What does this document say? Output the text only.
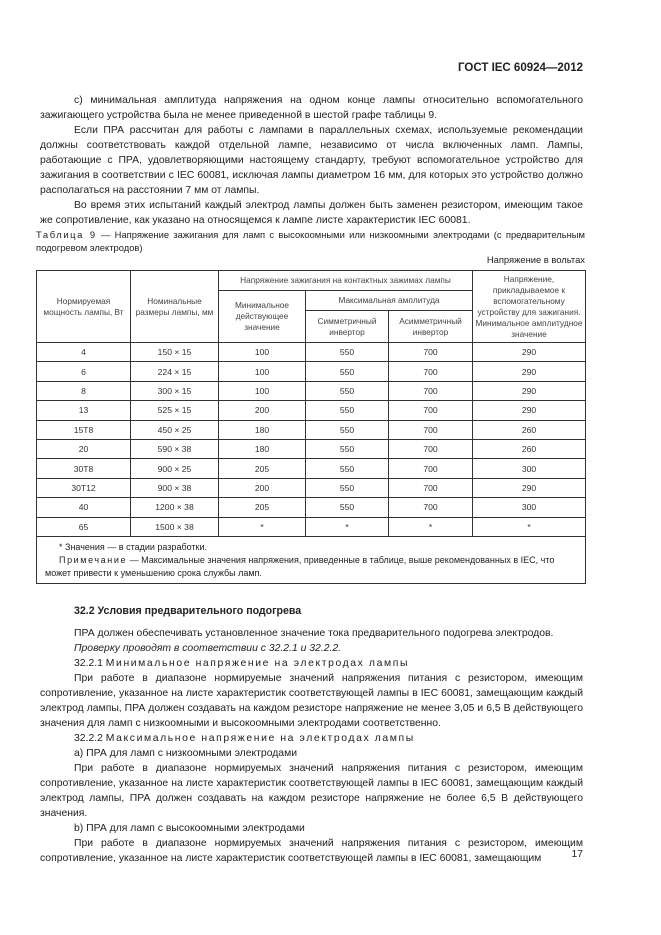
ГОСТ IEC 60924—2012

c) минимальная амплитуда напряжения на одном конце лампы относительно вспомогательного зажигающего устройства была не менее приведенной в шестой графе таблицы 9.

Если ПРА рассчитан для работы с лампами в параллельных схемах, используемые рекомендации должны соответствовать каждой отдельной лампе, независимо от числа включенных ламп. Лампы, работающие с ПРА, удовлетворяющими настоящему стандарту, требуют вспомогательное устройство для зажигания в соответствии с IEC 60081, исключая лампы диаметром 16 мм, для которых это устройство должно располагаться на расстоянии 7 мм от лампы.

Во время этих испытаний каждый электрод лампы должен быть заменен резистором, имеющим такое же сопротивление, как указано на относящемся к лампе листе характеристик IEC 60081.

Таблица 9 — Напряжение зажигания для ламп с высокоомными или низкоомными электродами (с предварительным подогревом электродов)
Напряжение в вольтах
Нормируемая мощность лампы, Вт	Номинальные размеры лампы, мм	Напряжение зажигания на контактных зажимах лампы			Напряжение, прикладываемое к вспомогательному устройству для зажигания. Минимальное амплитудное значение
		Минимальное действующее значение	Максимальная амплитуда		
			Симметричный инвертор	Асимметричный инвертор	
4	150 × 15	100	550	700	290
6	224 × 15	100	550	700	290
8	300 × 15	100	550	700	290
13	525 × 15	200	550	700	290
15T8	450 × 25	180	550	700	260
20	590 × 38	180	550	700	260
30T8	900 × 25	205	550	700	300
30T12	900 × 38	200	550	700	290
40	1200 × 38	205	550	700	300
65	1500 × 38	*	*	*	*

* Значения — в стадии разработки.

Примечание — Максимальные значения напряжения, приведенные в таблице, выше рекомендованных в IEC, что может привести к уменьшению срока службы ламп.

32.2 Условия предварительного подогрева

ПРА должен обеспечивать установленное значение тока предварительного подогрева электродов.

Проверку проводят в соответствии с 32.2.1 и 32.2.2.

32.2.1 Минимальное напряжение на электродах лампы

При работе в диапазоне нормируемые значений напряжения питания с резистором, имеющим сопротивление, указанное на листе характеристик соответствующей лампы в IEC 60081, замещающим каждый электрод лампы, ПРА должен создавать на каждом резисторе напряжение не менее 3,05 и 6,5 В действующего значения для ламп с низкоомными и высокоомными электродами соответственно.

32.2.2 Максимальное напряжение на электродах лампы

a) ПРА для ламп с низкоомными электродами

При работе в диапазоне нормируемых значений напряжения питания с резистором, имеющим сопротивление, указанное на листе характеристик соответствующей лампы в IEC 60081, замещающим каждый электрод лампы, ПРА должен создавать на каждом резисторе напряжение не более 6,5 В действующего значения.

b) ПРА для ламп с высокоомными электродами

При работе в диапазоне нормируемых значений напряжения питания с резистором, имеющим сопротивление, указанное на листе характеристик соответствующей лампы в IEC 60081, замещающим	17
